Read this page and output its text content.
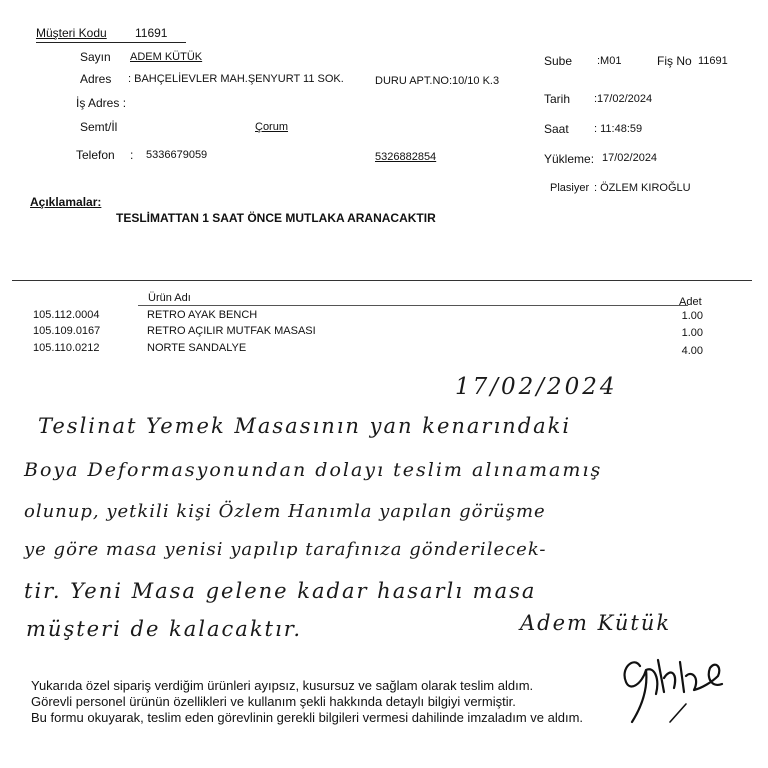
Müşteri Kodu 11691
Sayın ADEM KÜTÜK
Adres : BAHÇELİEVLER MAH.ŞENYURT 11 SOK.	DURU APT.NO:10/10 K.3
İş Adres :
Semt/İl	Çorum
Telefon : 5336679059	5326882854
Sube :M01	Fiş No 11691
Tarih :17/02/2024
Saat : 11:48:59
Yükleme: 17/02/2024
Plasiyer : ÖZLEM KIROĞLU
Açıklamalar:
TESLİMATTAN 1 SAAT ÖNCE MUTLAKA ARANACAKTIR
Ürün Adı	Adet
105.112.0004	RETRO AYAK BENCH	1.00
105.109.0167	RETRO AÇILIR MUTFAK MASASI	1.00
105.110.0212	NORTE SANDALYE	4.00
17/02/2024
Teslinat Yemek Masasının yan kenarındaki
Boya Deformasyonundan dolayı teslim alınamamış
olunup, yetkili kişi Özlem Hanımla yapılan görüşme
ye göre masa yenisi yapılıp tarafınıza gönderilecek-
tir. Yeni Masa gelene kadar hasarlı masa
müşteri de kalacaktır.	Adem Kütük
Yukarıda özel sipariş verdiğim ürünleri ayıpsız, kusursuz ve sağlam olarak teslim aldım.
Görevli personel ürünün özellikleri ve kullanım şekli hakkında detaylı bilgiyi vermiştir.
Bu formu okuyarak, teslim eden görevlinin gerekli bilgileri vermesi dahilinde imzaladım ve aldım.
